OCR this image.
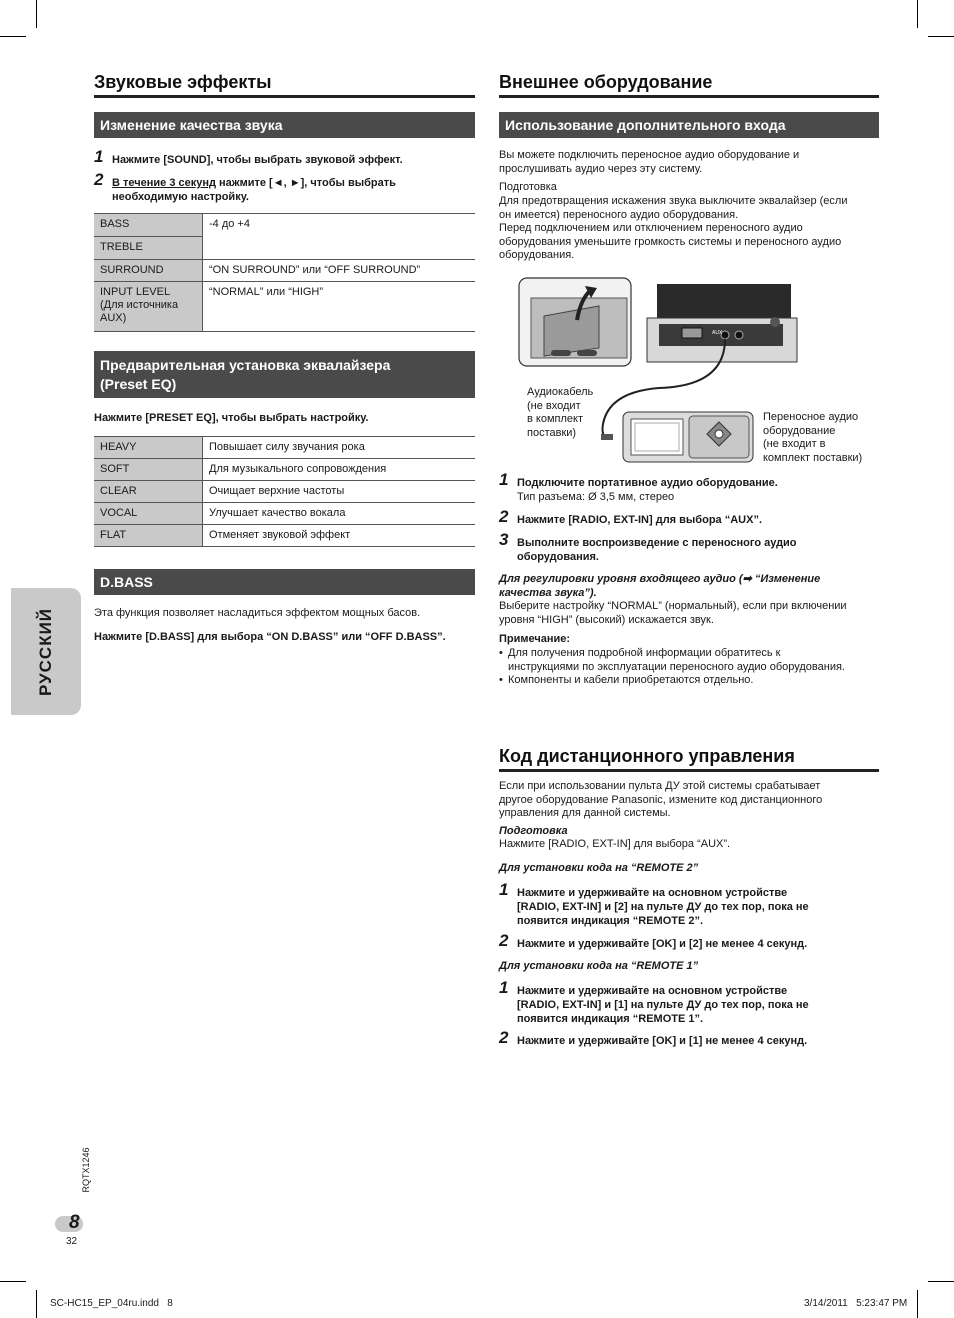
Звуковые эффекты
Изменение качества звука
1 Нажмите [SOUND], чтобы выбрать звуковой эффект.
2 В течение 3 секунд нажмите [◄, ►], чтобы выбрать
необходимую настройку.
BASS	-4 до +4
TREBLE	
SURROUND	“ON SURROUND” или “OFF SURROUND”
INPUT LEVEL
(Для источника
AUX)	“NORMAL” или “HIGH”
Предварительная установка эквалайзера
(Preset EQ)
Нажмите [PRESET EQ], чтобы выбрать настройку.
HEAVY	Повышает силу звучания рока
SOFT	Для музыкального сопровождения
CLEAR	Очищает верхние частоты
VOCAL	Улучшает качество вокала
FLAT	Отменяет звуковой эффект
D.BASS
Эта функция позволяет насладиться эффектом мощных басов.
Нажмите [D.BASS] для выбора “ON D.BASS” или “OFF D.BASS”.
РУССКИЙ
Внешнее оборудование
Использование дополнительного входа
Вы можете подключить переносное аудио оборудование и
прослушивать аудио через эту систему.
Подготовка
Для предотвращения искажения звука выключите эквалайзер (если
он имеется) переносного аудио оборудования.
Перед подключением или отключением переносного аудио
оборудования уменьшите громкость системы и переносного аудио
оборудования.
AUX
Аудиокабель
(не входит
в комплект
поставки)
Переносное аудио
оборудование
(не входит в
комплект поставки)
1 Подключите портативное аудио оборудование.
Тип разъема: Ø 3,5 мм, стерео
2 Нажмите [RADIO, EXT-IN] для выбора “AUX”.
3 Выполните воспроизведение с переносного аудио
оборудования.
Для регулировки уровня входящего аудио (➡ “Изменение
качества звука”).
Выберите настройку “NORMAL” (нормальный), если при включении
уровня “HIGH” (высокий) искажается звук.
Примечание:
• Для получения подробной информации обратитесь к
инструкциями по эксплуатации переносного аудио оборудования.
• Компоненты и кабели приобретаются отдельно.
Код дистанционного управления
Если при использовании пульта ДУ этой системы срабатывает
другое оборудование Panasonic, измените код дистанционного
управления для данной системы.
Подготовка
Нажмите [RADIO, EXT-IN] для выбора “AUX”.
Для установки кода на “REMOTE 2”
1 Нажмите и удерживайте на основном устройстве
[RADIO, EXT-IN] и [2] на пульте ДУ до тех пор, пока не
появится индикация “REMOTE 2”.
2 Нажмите и удерживайте [OK] и [2] не менее 4 секунд.
Для установки кода на “REMOTE 1”
1 Нажмите и удерживайте на основном устройстве
[RADIO, EXT-IN] и [1] на пульте ДУ до тех пор, пока не
появится индикация “REMOTE 1”.
2 Нажмите и удерживайте [OK] и [1] не менее 4 секунд.
RQTX1246
8
32
SC-HC15_EP_04ru.indd   8	3/14/2011   5:23:47 PM
